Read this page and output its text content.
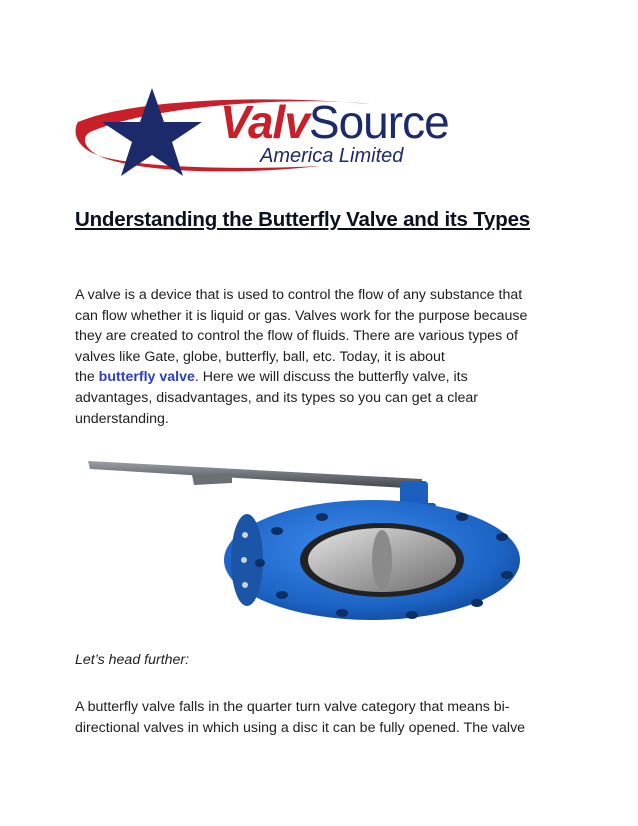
ValvSource
America Limited
Understanding the Butterfly Valve and its Types

A valve is a device that is used to control the flow of any substance that
can flow whether it is liquid or gas. Valves work for the purpose because
they are created to control the flow of fluids. There are various types of
valves like Gate, globe, butterfly, ball, etc. Today, it is about
the butterfly valve. Here we will discuss the butterfly valve, its
advantages, disadvantages, and its types so you can get a clear
understanding.

Let’s head further:

A butterfly valve falls in the quarter turn valve category that means bi-
directional valves in which using a disc it can be fully opened. The valve
